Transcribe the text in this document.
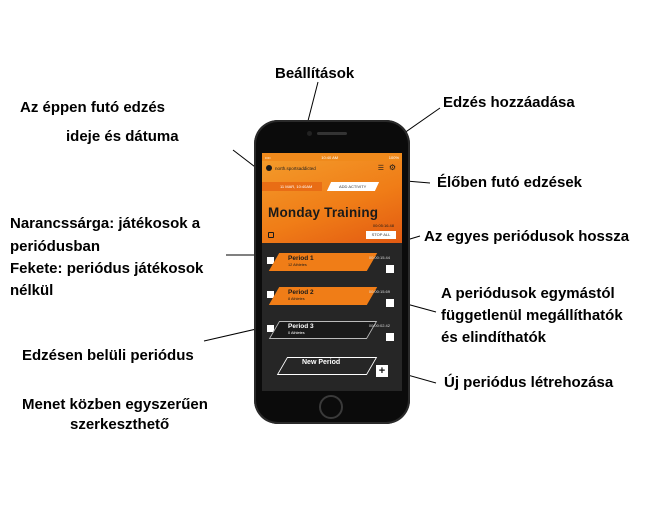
Beállítások
Az éppen futó edzés
ideje és dátuma
Edzés hozzáadása
Élőben futó edzések
Narancssárga: játékosok a
periódusban
Fekete: periódus játékosok
nélkül
Az egyes periódusok hossza
A periódusok egymástól
függetlenül megállíthatók
és elindíthatók
Edzésen belüli periódus
Új periódus létrehozása
Menet közben egyszerűen
szerkeszthető
••••	10:40 AM	100%
north.sportsaddicted	☰ ⚙
11 MAR, 10:40AM	ADD ACTIVITY
Monday Training
00:05:16.48
STOP ALL
Period 1
12 Athletes
00:00:15.44
Period 2
8 Athletes
00:00:15.69
Period 3
0 Athletes
00:00:02.42
New Period
+
